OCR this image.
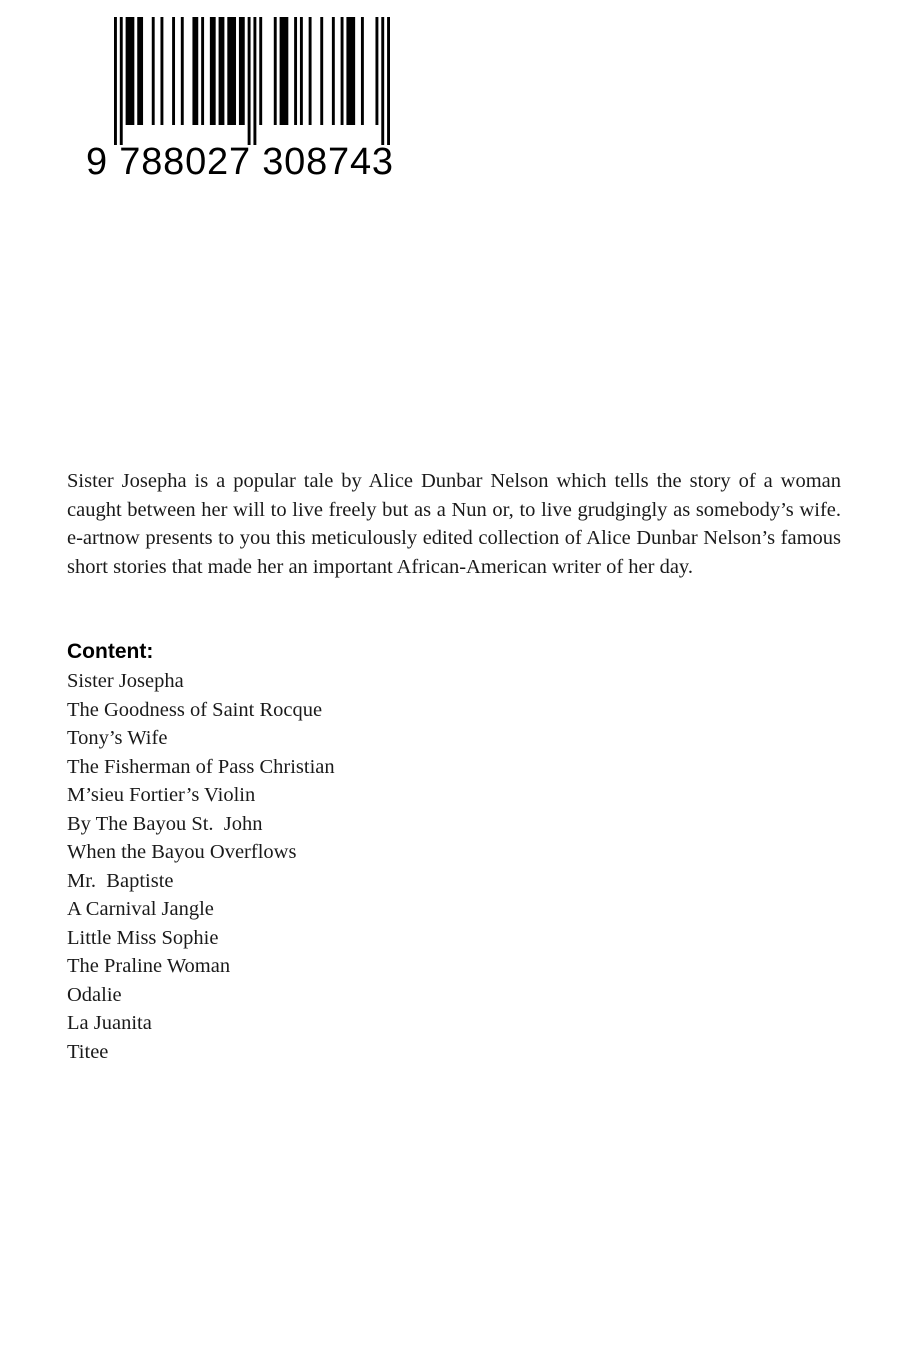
9 788027 308743

Sister Josepha is a popular tale by Alice Dunbar Nelson which tells the story of a woman caught between her will to live freely but as a Nun or, to live grudgingly as somebody’s wife. e-artnow presents to you this meticulously edited collection of Alice Dunbar Nelson’s famous short stories that made her an important African-American writer of her day.

Content:
Sister Josepha
The Goodness of Saint Rocque
Tony’s Wife
The Fisherman of Pass Christian
M’sieu Fortier’s Violin
By The Bayou St.  John
When the Bayou Overflows
Mr.  Baptiste
A Carnival Jangle
Little Miss Sophie
The Praline Woman
Odalie
La Juanita
Titee
